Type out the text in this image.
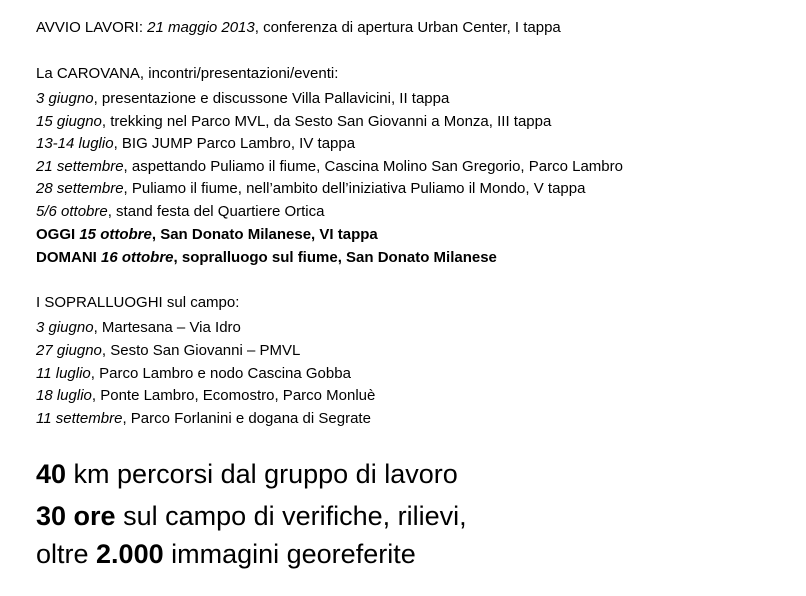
AVVIO LAVORI: 21 maggio 2013, conferenza di apertura Urban Center, I tappa
La CAROVANA, incontri/presentazioni/eventi:
3 giugno, presentazione e discussone Villa Pallavicini, II tappa
15 giugno, trekking nel Parco MVL, da Sesto San Giovanni a Monza, III tappa
13-14 luglio, BIG JUMP Parco Lambro, IV tappa
21 settembre, aspettando Puliamo il fiume, Cascina Molino San Gregorio, Parco Lambro
28 settembre, Puliamo il fiume, nell’ambito dell’iniziativa Puliamo il Mondo, V tappa
5/6 ottobre, stand festa del Quartiere Ortica
OGGI 15 ottobre, San Donato Milanese, VI tappa
DOMANI 16 ottobre, sopralluogo sul fiume, San Donato Milanese
I SOPRALLUOGHI sul campo:
3 giugno, Martesana – Via Idro
27 giugno, Sesto San Giovanni – PMVL
11 luglio, Parco Lambro e nodo Cascina Gobba
18 luglio, Ponte Lambro, Ecomostro, Parco Monluè
11 settembre, Parco Forlanini e dogana di Segrate
40 km percorsi dal gruppo di lavoro
30 ore sul campo di verifiche, rilievi,
oltre 2.000 immagini georeferite
